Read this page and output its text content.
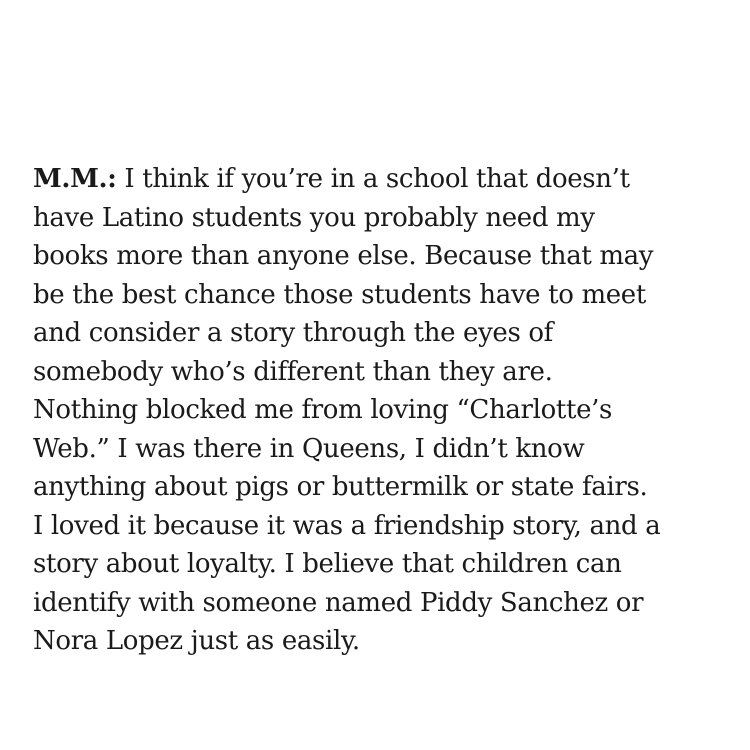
M.M.: I think if you’re in a school that doesn’t
have Latino students you probably need my
books more than anyone else. Because that may
be the best chance those students have to meet
and consider a story through the eyes of
somebody who’s different than they are.
Nothing blocked me from loving “Charlotte’s
Web.” I was there in Queens, I didn’t know
anything about pigs or buttermilk or state fairs.
I loved it because it was a friendship story, and a
story about loyalty. I believe that children can
identify with someone named Piddy Sanchez or
Nora Lopez just as easily.
